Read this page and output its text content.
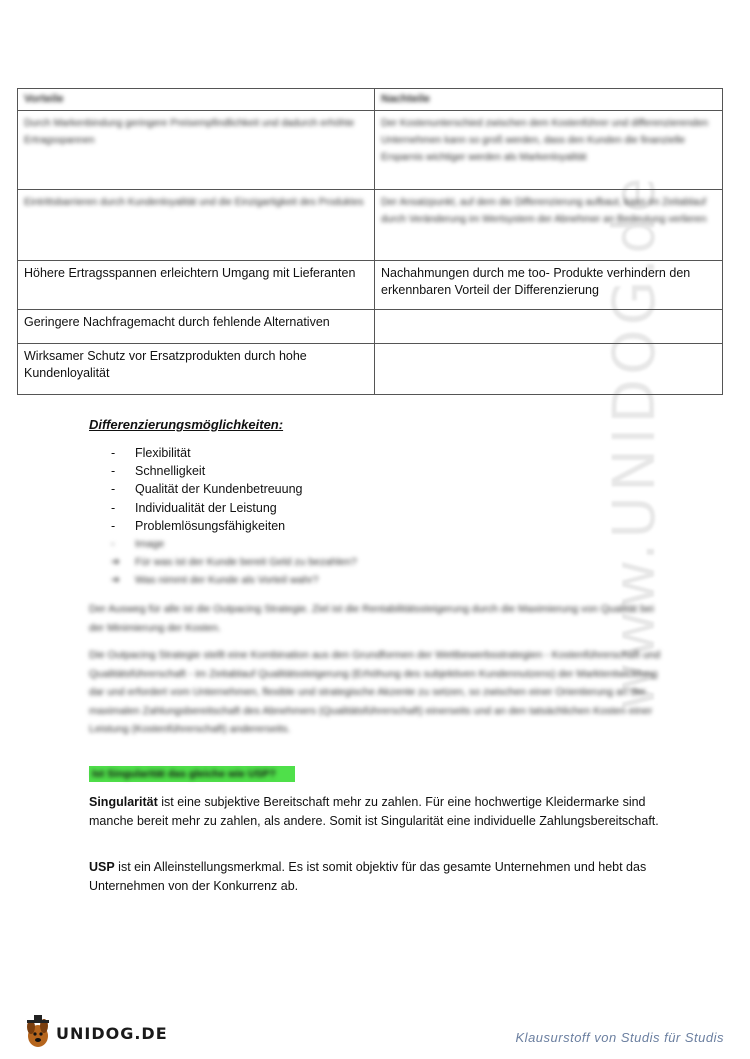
www.UNIDOG.de
Vorteile	Nachteile

Durch Markenbindung geringere Preisempfindlichkeit und dadurch erhöhte Ertragsspannen	Der Kostenunterschied zwischen dem Kostenführer und differenzierenden Unternehmen kann so groß werden, dass den Kunden die finanzielle Ersparnis wichtiger werden als Markenloyalität

Eintrittsbarrieren durch Kundenloyalität und die Einzigartigkeit des Produktes	Der Ansatzpunkt, auf dem die Differenzierung aufbaut, kann im Zeitablauf durch Veränderung im Wertsystem der Abnehmer an Bedeutung verlieren

Höhere Ertragsspannen erleichtern Umgang mit Lieferanten	Nachahmungen durch me too- Produkte verhindern den erkennbaren Vorteil der Differenzierung
Geringere Nachfragemacht durch fehlende Alternativen	
Wirksamer Schutz vor Ersatzprodukten durch hohe Kundenloyalität	
Differenzierungsmöglichkeiten:
- Flexibilität
- Schnelligkeit
- Qualität der Kundenbetreuung
- Individualität der Leistung
- Problemlösungsfähigkeiten
- Image
➔ Für was ist der Kunde bereit Geld zu bezahlen?
➔ Was nimmt der Kunde als Vorteil wahr?
Der Ausweg für alle ist die Outpacing Strategie. Ziel ist die Rentabilitätssteigerung durch die Maximierung von Qualität bei der Minimierung der Kosten.
Die Outpacing Strategie stellt eine Kombination aus den Grundformen der Wettbewerbsstrategien - Kostenführerschaft und Qualitätsführerschaft - im Zeitablauf Qualitätssteigerung (Erhöhung des subjektiven Kundennutzens) der Marktentwicklung dar und erfordert vom Unternehmen, flexible und strategische Akzente zu setzen, so zwischen einer Orientierung an der maximalen Zahlungsbereitschaft des Abnehmers (Qualitätsführerschaft) einerseits und an den tatsächlichen Kosten einer Leistung (Kostenführerschaft) andererseits.
Ist Singularität das gleiche wie USP?
Singularität ist eine subjektive Bereitschaft mehr zu zahlen. Für eine hochwertige Kleidermarke sind manche bereit mehr zu zahlen, als andere. Somit ist Singularität eine individuelle Zahlungsbereitschaft.
USP ist ein Alleinstellungsmerkmal. Es ist somit objektiv für das gesamte Unternehmen und hebt das Unternehmen von der Konkurrenz ab.
UNIDOG.DE	Klausurstoff von Studis für Studis
